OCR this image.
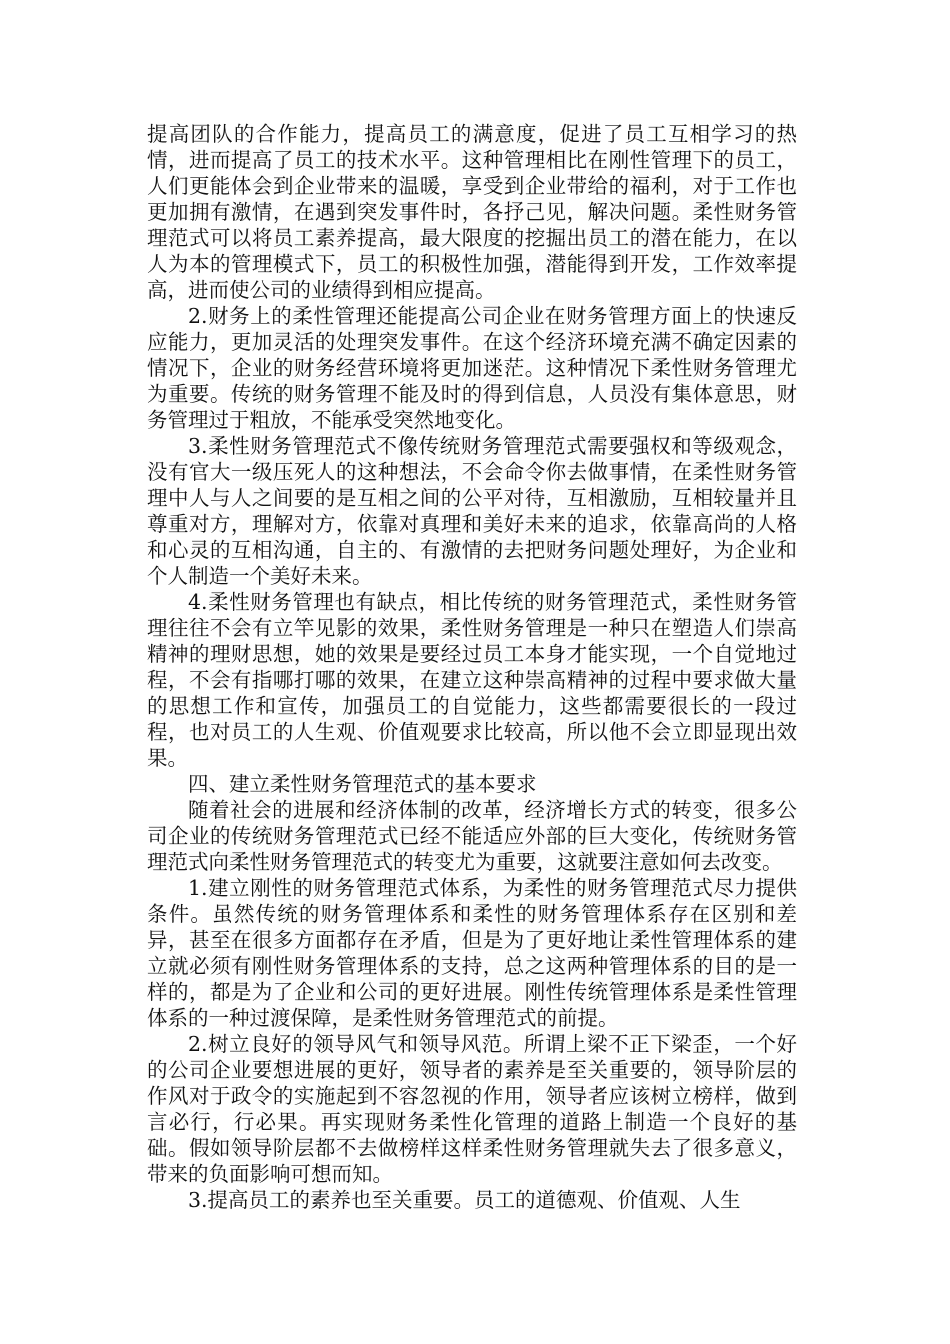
提高团队的合作能力，提高员工的满意度，促进了员工互相学习的热情，进而提高了员工的技术水平。这种管理相比在刚性管理下的员工，人们更能体会到企业带来的温暖，享受到企业带给的福利，对于工作也更加拥有激情，在遇到突发事件时，各抒己见，解决问题。柔性财务管理范式可以将员工素养提高，最大限度的挖掘出员工的潜在能力，在以人为本的管理模式下，员工的积极性加强，潜能得到开发，工作效率提高，进而使公司的业绩得到相应提高。

2.财务上的柔性管理还能提高公司企业在财务管理方面上的快速反应能力，更加灵活的处理突发事件。在这个经济环境充满不确定因素的情况下，企业的财务经营环境将更加迷茫。这种情况下柔性财务管理尤为重要。传统的财务管理不能及时的得到信息，人员没有集体意思，财务管理过于粗放，不能承受突然地变化。

3.柔性财务管理范式不像传统财务管理范式需要强权和等级观念，没有官大一级压死人的这种想法，不会命令你去做事情，在柔性财务管理中人与人之间要的是互相之间的公平对待，互相激励，互相较量并且尊重对方，理解对方，依靠对真理和美好未来的追求，依靠高尚的人格和心灵的互相沟通，自主的、有激情的去把财务问题处理好，为企业和个人制造一个美好未来。

4.柔性财务管理也有缺点，相比传统的财务管理范式，柔性财务管理往往不会有立竿见影的效果，柔性财务管理是一种只在塑造人们崇高精神的理财思想，她的效果是要经过员工本身才能实现，一个自觉地过程，不会有指哪打哪的效果，在建立这种崇高精神的过程中要求做大量的思想工作和宣传，加强员工的自觉能力，这些都需要很长的一段过程，也对员工的人生观、价值观要求比较高，所以他不会立即显现出效果。

四、建立柔性财务管理范式的基本要求

随着社会的进展和经济体制的改革，经济增长方式的转变，很多公司企业的传统财务管理范式已经不能适应外部的巨大变化，传统财务管理范式向柔性财务管理范式的转变尤为重要，这就要注意如何去改变。

1.建立刚性的财务管理范式体系，为柔性的财务管理范式尽力提供条件。虽然传统的财务管理体系和柔性的财务管理体系存在区别和差异，甚至在很多方面都存在矛盾，但是为了更好地让柔性管理体系的建立就必须有刚性财务管理体系的支持，总之这两种管理体系的目的是一样的，都是为了企业和公司的更好进展。刚性传统管理体系是柔性管理体系的一种过渡保障，是柔性财务管理范式的前提。

2.树立良好的领导风气和领导风范。所谓上梁不正下梁歪，一个好的公司企业要想进展的更好，领导者的素养是至关重要的，领导阶层的作风对于政令的实施起到不容忽视的作用，领导者应该树立榜样，做到言必行，行必果。再实现财务柔性化管理的道路上制造一个良好的基础。假如领导阶层都不去做榜样这样柔性财务管理就失去了很多意义，带来的负面影响可想而知。

3.提高员工的素养也至关重要。员工的道德观、价值观、人生
